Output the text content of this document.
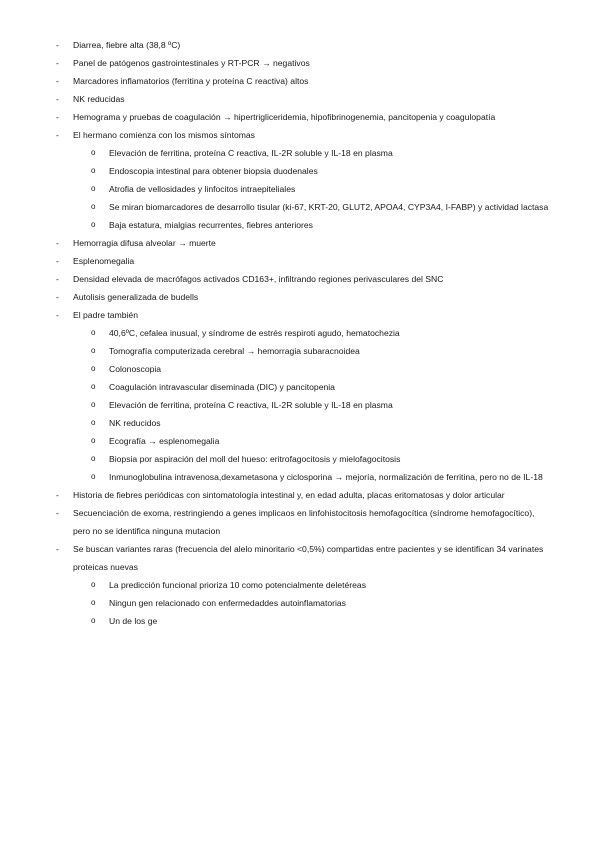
- Diarrea, fiebre alta (38,8 ºC)
- Panel de patógenos gastrointestinales y RT-PCR → negativos
- Marcadores inflamatorios (ferritina y proteína C reactiva) altos
- NK reducidas
- Hemograma y pruebas de coagulación → hipertrigliceridemia, hipofibrinogenemia, pancitopenia y coagulopatía
- El hermano comienza con los mismos síntomas
o Elevación de ferritina, proteína C reactiva, IL-2R soluble y IL-18 en plasma
o Endoscopia intestinal para obtener biopsia duodenales
o Atrofia de vellosidades y linfocitos intraepiteliales
o Se miran biomarcadores de desarrollo tisular (ki-67, KRT-20, GLUT2, APOA4, CYP3A4, I-FABP) y actividad lactasa
o Baja estatura, mialgias recurrentes, fiebres anteriores
- Hemorragia difusa alveolar → muerte
- Esplenomegalia
- Densidad elevada de macrófagos activados CD163+, infiltrando regiones perivasculares del SNC
- Autolisis generalizada de budells
- El padre también
o 40,6ºC, cefalea inusual, y síndrome de estrés respiroti agudo, hematochezia
o Tomografía computerizada cerebral → hemorragia subaracnoidea
o Colonoscopia
o Coagulación intravascular diseminada (DIC) y pancitopenia
o Elevación de ferritina, proteína C reactiva, IL-2R soluble y IL-18 en plasma
o NK reducidos
o Ecografía → esplenomegalia
o Biopsia por aspiración del moll del hueso: eritrofagocitosis y mielofagocitosis
o Inmunoglobulina intravenosa,dexametasona y ciclosporina → mejoría, normalización de ferritina, pero no de IL-18
- Historia de fiebres periódicas con sintomatología intestinal y, en edad adulta, placas eritomatosas y dolor articular
- Secuenciación de exoma, restringiendo a genes implicaos en linfohistocitosis hemofagocítica (síndrome hemofagocítico), pero no se identifica ninguna mutacion
- Se buscan variantes raras (frecuencia del alelo minoritario <0,5%) compartidas entre pacientes y se identifican 34 varinates proteicas nuevas
o La predicción funcional prioriza 10 como potencialmente deletéreas
o Ningun gen relacionado con enfermedaddes autoinflamatorias
o Un de los ge
